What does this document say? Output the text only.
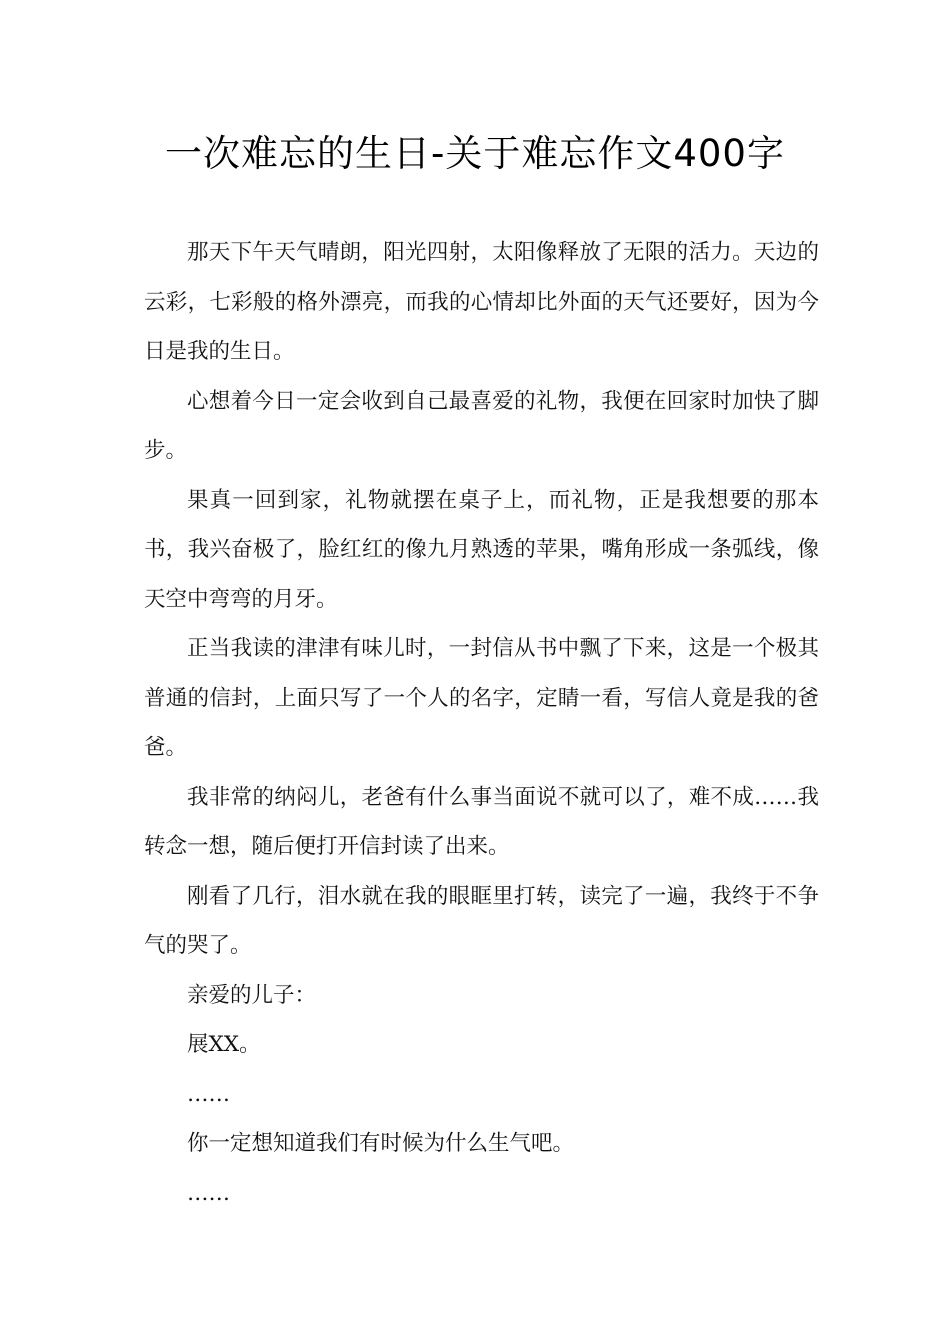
一次难忘的生日-关于难忘作文400字

那天下午天气晴朗，阳光四射，太阳像释放了无限的活力。天边的云彩，七彩般的格外漂亮，而我的心情却比外面的天气还要好，因为今日是我的生日。

心想着今日一定会收到自己最喜爱的礼物，我便在回家时加快了脚步。

果真一回到家，礼物就摆在桌子上，而礼物，正是我想要的那本书，我兴奋极了，脸红红的像九月熟透的苹果，嘴角形成一条弧线，像天空中弯弯的月牙。

正当我读的津津有味儿时，一封信从书中飘了下来，这是一个极其普通的信封，上面只写了一个人的名字，定睛一看，写信人竟是我的爸爸。

我非常的纳闷儿，老爸有什么事当面说不就可以了，难不成……我转念一想，随后便打开信封读了出来。

刚看了几行，泪水就在我的眼眶里打转，读完了一遍，我终于不争气的哭了。

亲爱的儿子：

展XX。

……

你一定想知道我们有时候为什么生气吧。

……
